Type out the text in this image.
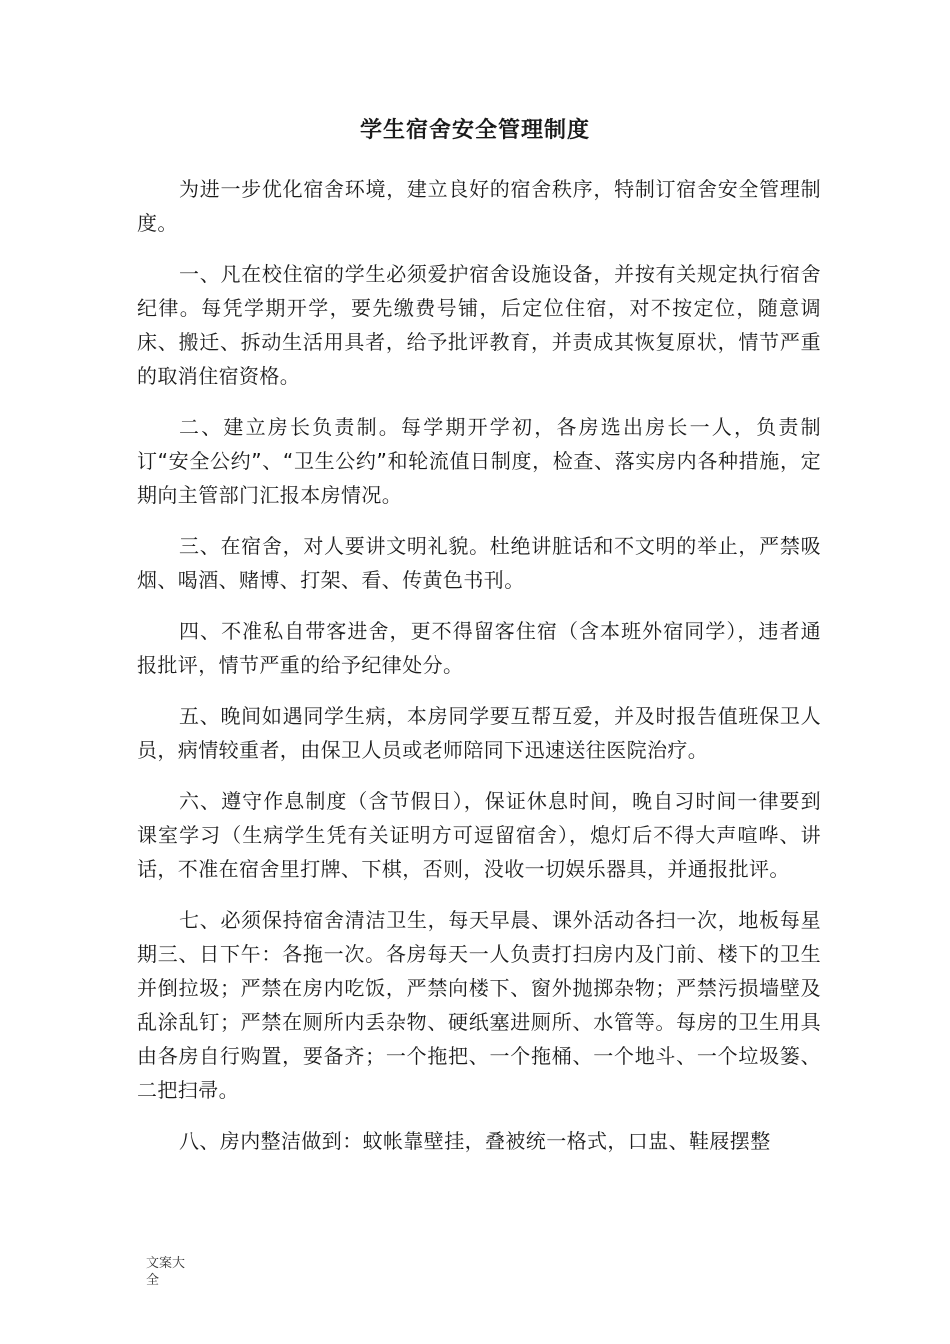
学生宿舍安全管理制度

为进一步优化宿舍环境，建立良好的宿舍秩序，特制订宿舍安全管理制度。

一、凡在校住宿的学生必须爱护宿舍设施设备，并按有关规定执行宿舍纪律。每凭学期开学，要先缴费号铺，后定位住宿，对不按定位，随意调床、搬迁、拆动生活用具者，给予批评教育，并责成其恢复原状，情节严重的取消住宿资格。

二、建立房长负责制。每学期开学初，各房选出房长一人，负责制订“安全公约”、“卫生公约”和轮流值日制度，检查、落实房内各种措施，定期向主管部门汇报本房情况。

三、在宿舍，对人要讲文明礼貌。杜绝讲脏话和不文明的举止，严禁吸烟、喝酒、赌博、打架、看、传黄色书刊。

四、不准私自带客进舍，更不得留客住宿（含本班外宿同学），违者通报批评，情节严重的给予纪律处分。

五、晚间如遇同学生病，本房同学要互帮互爱，并及时报告值班保卫人员，病情较重者，由保卫人员或老师陪同下迅速送往医院治疗。

六、遵守作息制度（含节假日），保证休息时间，晚自习时间一律要到课室学习（生病学生凭有关证明方可逗留宿舍），熄灯后不得大声喧哗、讲话，不准在宿舍里打牌、下棋，否则，没收一切娱乐器具，并通报批评。

七、必须保持宿舍清洁卫生，每天早晨、课外活动各扫一次，地板每星期三、日下午：各拖一次。各房每天一人负责打扫房内及门前、楼下的卫生并倒拉圾；严禁在房内吃饭，严禁向楼下、窗外抛掷杂物；严禁污损墙壁及乱涂乱钉；严禁在厕所内丢杂物、硬纸塞进厕所、水管等。每房的卫生用具由各房自行购置，要备齐；一个拖把、一个拖桶、一个地斗、一个垃圾篓、二把扫帚。

八、房内整洁做到：蚊帐靠壁挂，叠被统一格式，口盅、鞋屐摆整

文案大全
